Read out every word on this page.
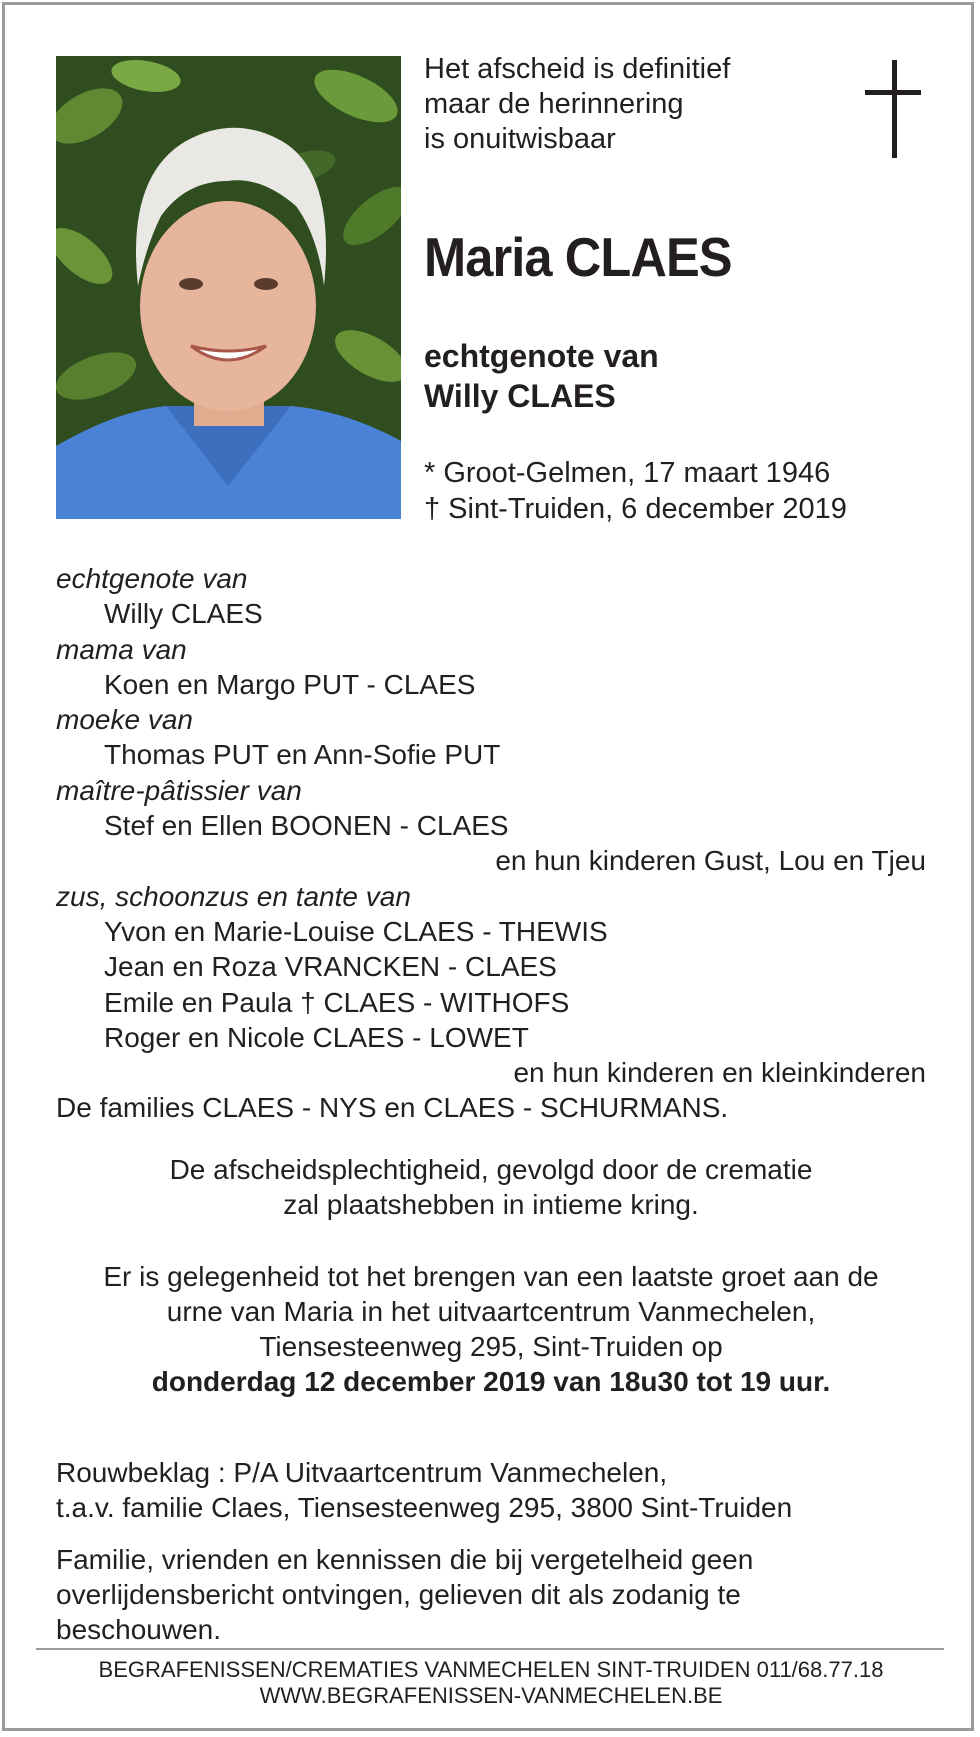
Het afscheid is definitief
maar de herinnering
is onuitwisbaar
Maria CLAES
echtgenote van
Willy CLAES
* Groot-Gelmen, 17 maart 1946
† Sint-Truiden, 6 december 2019
echtgenote van
Willy CLAES
mama van
Koen en Margo PUT - CLAES
moeke van
Thomas PUT en Ann-Sofie PUT
maître-pâtissier van
Stef en Ellen BOONEN - CLAES
en hun kinderen Gust, Lou en Tjeu
zus, schoonzus en tante van
Yvon en Marie-Louise CLAES - THEWIS
Jean en Roza VRANCKEN - CLAES
Emile en Paula † CLAES - WITHOFS
Roger en Nicole CLAES - LOWET
en hun kinderen en kleinkinderen
De families CLAES - NYS en CLAES - SCHURMANS.
De afscheidsplechtigheid, gevolgd door de crematie
zal plaatshebben in intieme kring.
Er is gelegenheid tot het brengen van een laatste groet aan de
urne van Maria in het uitvaartcentrum Vanmechelen,
Tiensesteenweg 295, Sint-Truiden op
donderdag 12 december 2019 van 18u30 tot 19 uur.
Rouwbeklag : P/A Uitvaartcentrum Vanmechelen,
t.a.v. familie Claes, Tiensesteenweg 295, 3800 Sint-Truiden
Familie, vrienden en kennissen die bij vergetelheid geen
overlijdensbericht ontvingen, gelieven dit als zodanig te
beschouwen.
BEGRAFENISSEN/CREMATIES VANMECHELEN SINT-TRUIDEN 011/68.77.18
WWW.BEGRAFENISSEN-VANMECHELEN.BE
